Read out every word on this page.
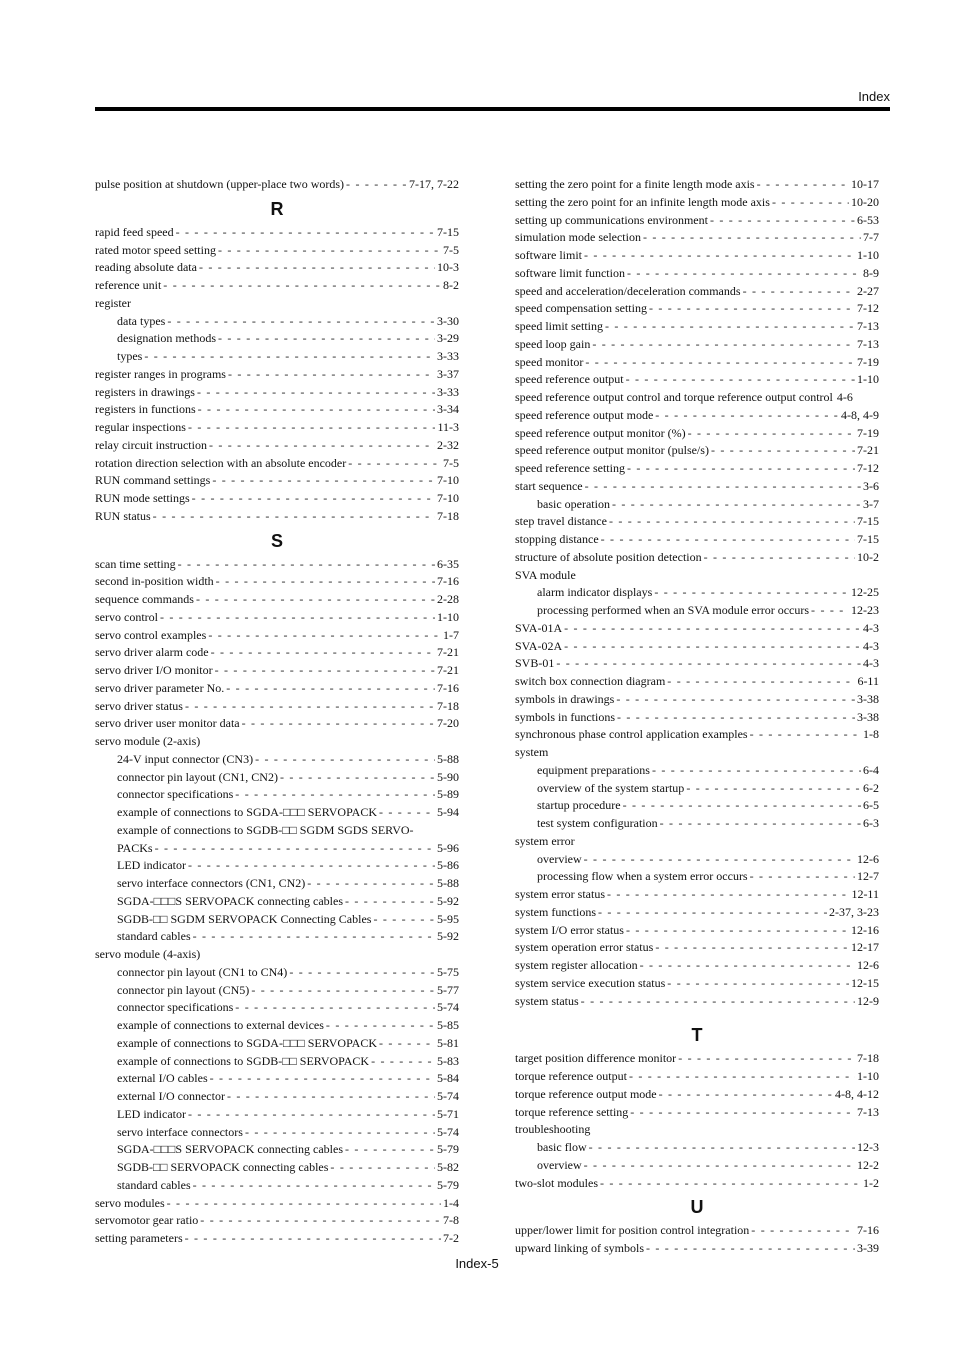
Index
pulse position at shutdown (upper-place two words) - - -	7-17, 7-22
R
rapid feed speed - - -	7-15
rated motor speed setting - - -	7-5
reading absolute data - - -	10-3
reference unit - - -	8-2
register
data types - - -	3-30
designation methods - - -	3-29
types - - -	3-33
register ranges in programs - - -	3-37
registers in drawings - - -	3-33
registers in functions - - -	3-34
regular inspections - - -	11-3
relay circuit instruction - - -	2-32
rotation direction selection with an absolute encoder - - -	7-5
RUN command settings - - -	7-10
RUN mode settings - - -	7-10
RUN status - - -	7-18
S
scan time setting - - -	6-35
second in-position width - - -	7-16
sequence commands - - -	2-28
servo control - - -	1-10
servo control examples - - -	1-7
servo driver alarm code - - -	7-21
servo driver I/O monitor - - -	7-21
servo driver parameter No. - - -	7-16
servo driver status - - -	7-18
servo driver user monitor data - - -	7-20
servo module (2-axis)
24-V input connector (CN3) - - -	5-88
connector pin layout (CN1, CN2) - - -	5-90
connector specifications - - -	5-89
example of connections to SGDA-□□□ SERVOPACK - - -	5-94
example of connections to SGDB-□□ SGDM SGDS SERVO-
PACKs - - -	5-96
LED indicator - - -	5-86
servo interface connectors (CN1, CN2) - - -	5-88
SGDA-□□□S SERVOPACK connecting cables - - -	5-92
SGDB-□□ SGDM SERVOPACK Connecting Cables - - -	5-95
standard cables - - -	5-92
servo module (4-axis)
connector pin layout (CN1 to CN4) - - -	5-75
connector pin layout (CN5) - - -	5-77
connector specifications - - -	5-74
example of connections to external devices - - -	5-85
example of connections to SGDA-□□□ SERVOPACK - - -	5-81
example of connections to SGDB-□□ SERVOPACK - - -	5-83
external I/O cables - - -	5-84
external I/O connector - - -	5-74
LED indicator - - -	5-71
servo interface connectors - - -	5-74
SGDA-□□□S SERVOPACK connecting cables - - -	5-79
SGDB-□□ SERVOPACK connecting cables - - -	5-82
standard cables - - -	5-79
servo modules - - -	1-4
servomotor gear ratio - - -	7-8
setting parameters - - -	7-2
setting the zero point for a finite length mode axis - - -	10-17
setting the zero point for an infinite length mode axis - - -	10-20
setting up communications environment - - -	6-53
simulation mode selection - - -	7-7
software limit - - -	1-10
software limit function - - -	8-9
speed and acceleration/deceleration commands - - -	2-27
speed compensation setting - - -	7-12
speed limit setting - - -	7-13
speed loop gain - - -	7-13
speed monitor - - -	7-19
speed reference output - - -	1-10
speed reference output control and torque reference output control 4-6
speed reference output mode - - -	4-8, 4-9
speed reference output monitor (%) - - -	7-19
speed reference output monitor (pulse/s) - - -	7-21
speed reference setting - - -	7-12
start sequence - - -	3-6
basic operation - - -	3-7
step travel distance - - -	7-15
stopping distance - - -	7-15
structure of absolute position detection - - -	10-2
SVA module
alarm indicator displays - - -	12-25
processing performed when an SVA module error occurs - - -	12-23
SVA-01A - - -	4-3
SVA-02A - - -	4-3
SVB-01 - - -	4-3
switch box connection diagram - - -	6-11
symbols in drawings - - -	3-38
symbols in functions - - -	3-38
synchronous phase control application examples - - -	1-8
system
equipment preparations - - -	6-4
overview of the system startup - - -	6-2
startup procedure - - -	6-5
test system configuration - - -	6-3
system error
overview - - -	12-6
processing flow when a system error occurs - - -	12-7
system error status - - -	12-11
system functions - - -	2-37, 3-23
system I/O error status - - -	12-16
system operation error status - - -	12-17
system register allocation - - -	12-6
system service execution status - - -	12-15
system status - - -	12-9
T
target position difference monitor - - -	7-18
torque reference output - - -	1-10
torque reference output mode - - -	4-8, 4-12
torque reference setting - - -	7-13
troubleshooting
basic flow - - -	12-3
overview - - -	12-2
two-slot modules - - -	1-2
U
upper/lower limit for position control integration - - -	7-16
upward linking of symbols - - -	3-39
Index-5
